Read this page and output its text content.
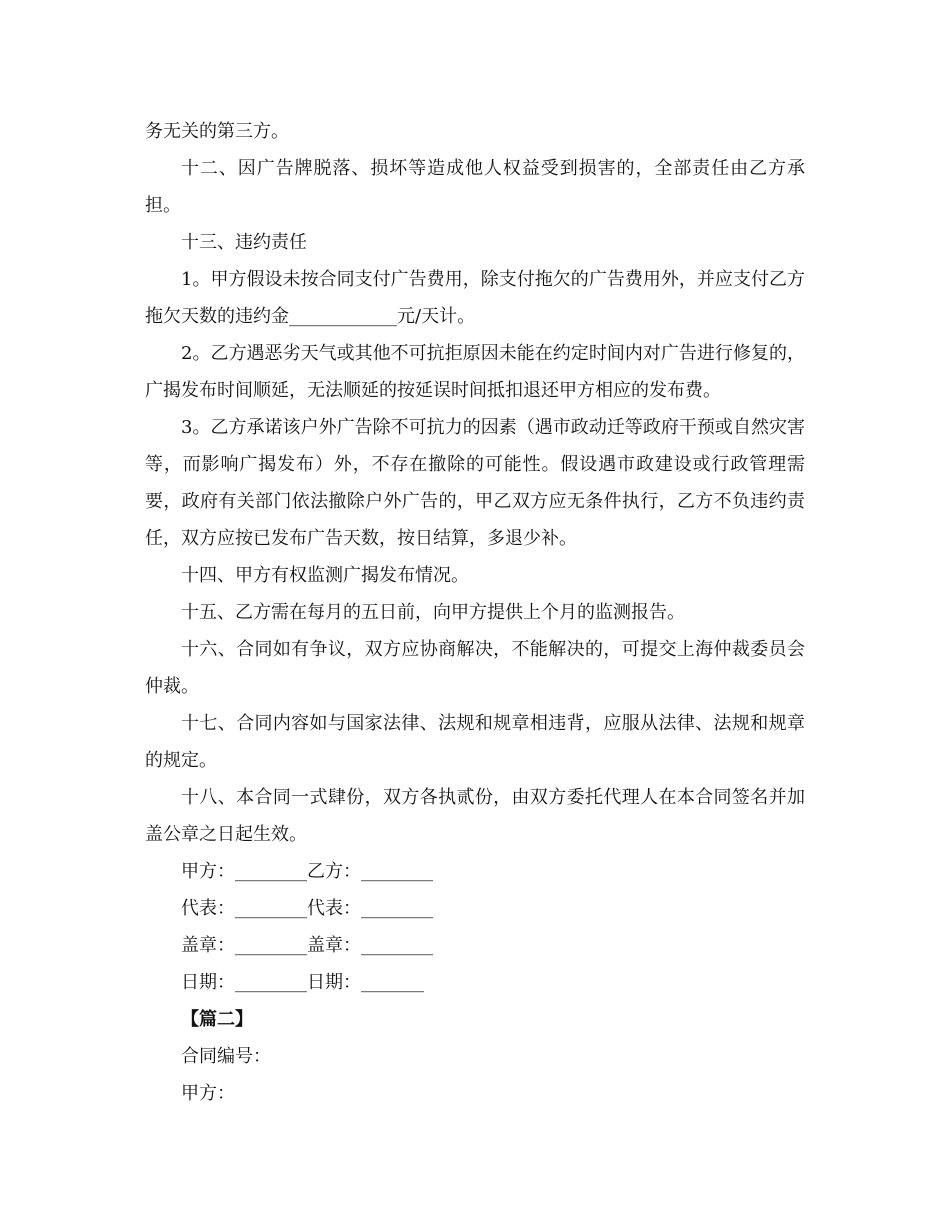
务无关的第三方。

十二、因广告牌脱落、损坏等造成他人权益受到损害的，全部责任由乙方承担。

十三、违约责任

1。甲方假设未按合同支付广告费用，除支付拖欠的广告费用外，并应支付乙方拖欠天数的违约金____________元/天计。

2。乙方遇恶劣天气或其他不可抗拒原因未能在约定时间内对广告进行修复的，广揭发布时间顺延，无法顺延的按延误时间抵扣退还甲方相应的发布费。

3。乙方承诺该户外广告除不可抗力的因素（遇市政动迁等政府干预或自然灾害等，而影响广揭发布）外，不存在撤除的可能性。假设遇市政建设或行政管理需要，政府有关部门依法撤除户外广告的，甲乙双方应无条件执行，乙方不负违约责任，双方应按已发布广告天数，按日结算，多退少补。

十四、甲方有权监测广揭发布情况。

十五、乙方需在每月的五日前，向甲方提供上个月的监测报告。

十六、合同如有争议，双方应协商解决，不能解决的，可提交上海仲裁委员会仲裁。

十七、合同内容如与国家法律、法规和规章相违背，应服从法律、法规和规章的规定。

十八、本合同一式肆份，双方各执贰份，由双方委托代理人在本合同签名并加盖公章之日起生效。

甲方：________乙方：________

代表：________代表：________

盖章：________盖章：________

日期：________日期：_______

【篇二】

合同编号：

甲方：
